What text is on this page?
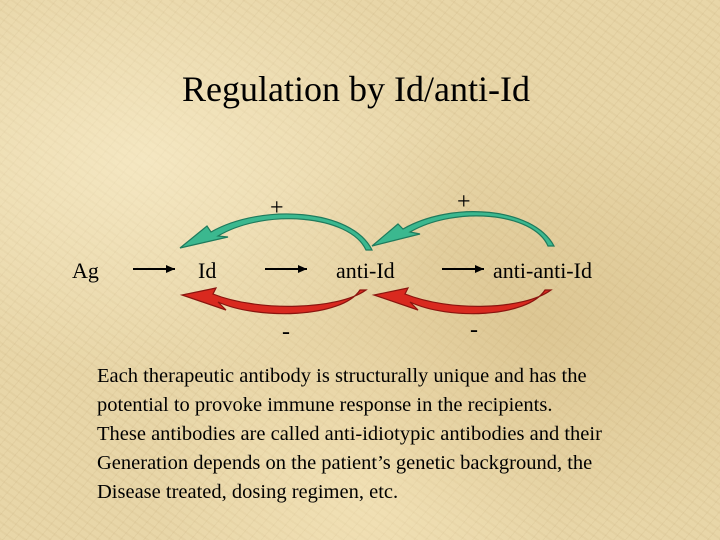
Regulation by Id/anti-Id
Ag	Id	anti-Id	anti-anti-Id
+	+
-	-

Each therapeutic antibody is structurally unique and has the
potential to provoke immune response in the recipients.
These antibodies are called anti-idiotypic antibodies and their
Generation depends on the patient’s genetic background, the
Disease treated, dosing regimen, etc.
